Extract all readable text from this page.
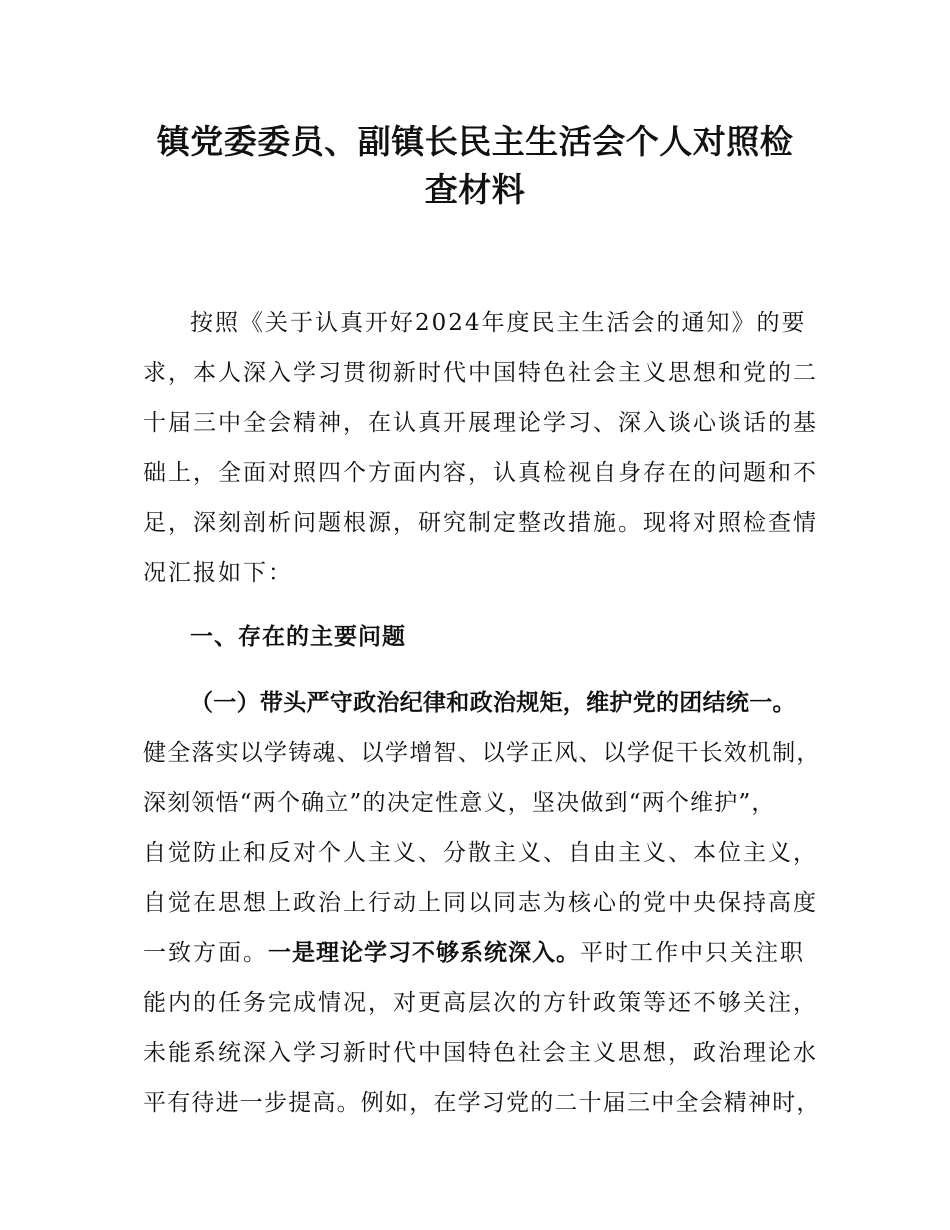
镇党委委员、副镇长民主生活会个人对照检
查材料
按照《关于认真开好2024年度民主生活会的通知》的要
求，本人深入学习贯彻新时代中国特色社会主义思想和党的二
十届三中全会精神，在认真开展理论学习、深入谈心谈话的基
础上，全面对照四个方面内容，认真检视自身存在的问题和不
足，深刻剖析问题根源，研究制定整改措施。现将对照检查情
况汇报如下：
一、存在的主要问题
（一）带头严守政治纪律和政治规矩，维护党的团结统一。
健全落实以学铸魂、以学增智、以学正风、以学促干长效机制，
深刻领悟“两个确立”的决定性意义，坚决做到“两个维护”，
自觉防止和反对个人主义、分散主义、自由主义、本位主义，
自觉在思想上政治上行动上同以同志为核心的党中央保持高度
一致方面。一是理论学习不够系统深入。平时工作中只关注职
能内的任务完成情况，对更高层次的方针政策等还不够关注，
未能系统深入学习新时代中国特色社会主义思想，政治理论水
平有待进一步提高。例如，在学习党的二十届三中全会精神时，
